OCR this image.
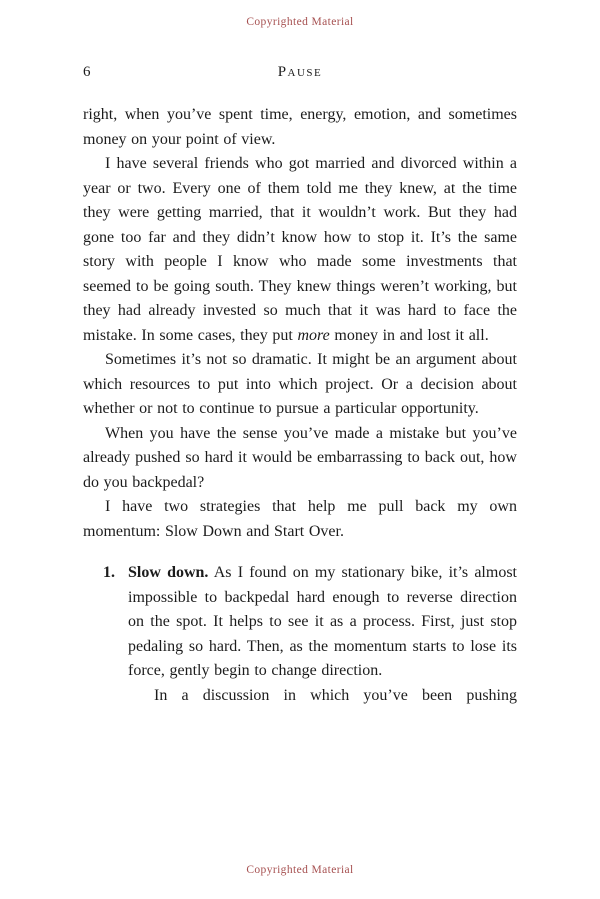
Copyrighted Material
6	Pause

right, when you’ve spent time, energy, emotion, and sometimes money on your point of view.

I have several friends who got married and divorced within a year or two. Every one of them told me they knew, at the time they were getting married, that it wouldn’t work. But they had gone too far and they didn’t know how to stop it. It’s the same story with people I know who made some investments that seemed to be going south. They knew things weren’t working, but they had already invested so much that it was hard to face the mistake. In some cases, they put more money in and lost it all.

Sometimes it’s not so dramatic. It might be an argument about which resources to put into which project. Or a decision about whether or not to continue to pursue a particular opportunity.

When you have the sense you’ve made a mistake but you’ve already pushed so hard it would be embarrassing to back out, how do you backpedal?

I have two strategies that help me pull back my own momentum: Slow Down and Start Over.

1. Slow down. As I found on my stationary bike, it’s almost impossible to backpedal hard enough to reverse direction on the spot. It helps to see it as a process. First, just stop pedaling so hard. Then, as the momentum starts to lose its force, gently begin to change direction.

In a discussion in which you’ve been pushing

Copyrighted Material
